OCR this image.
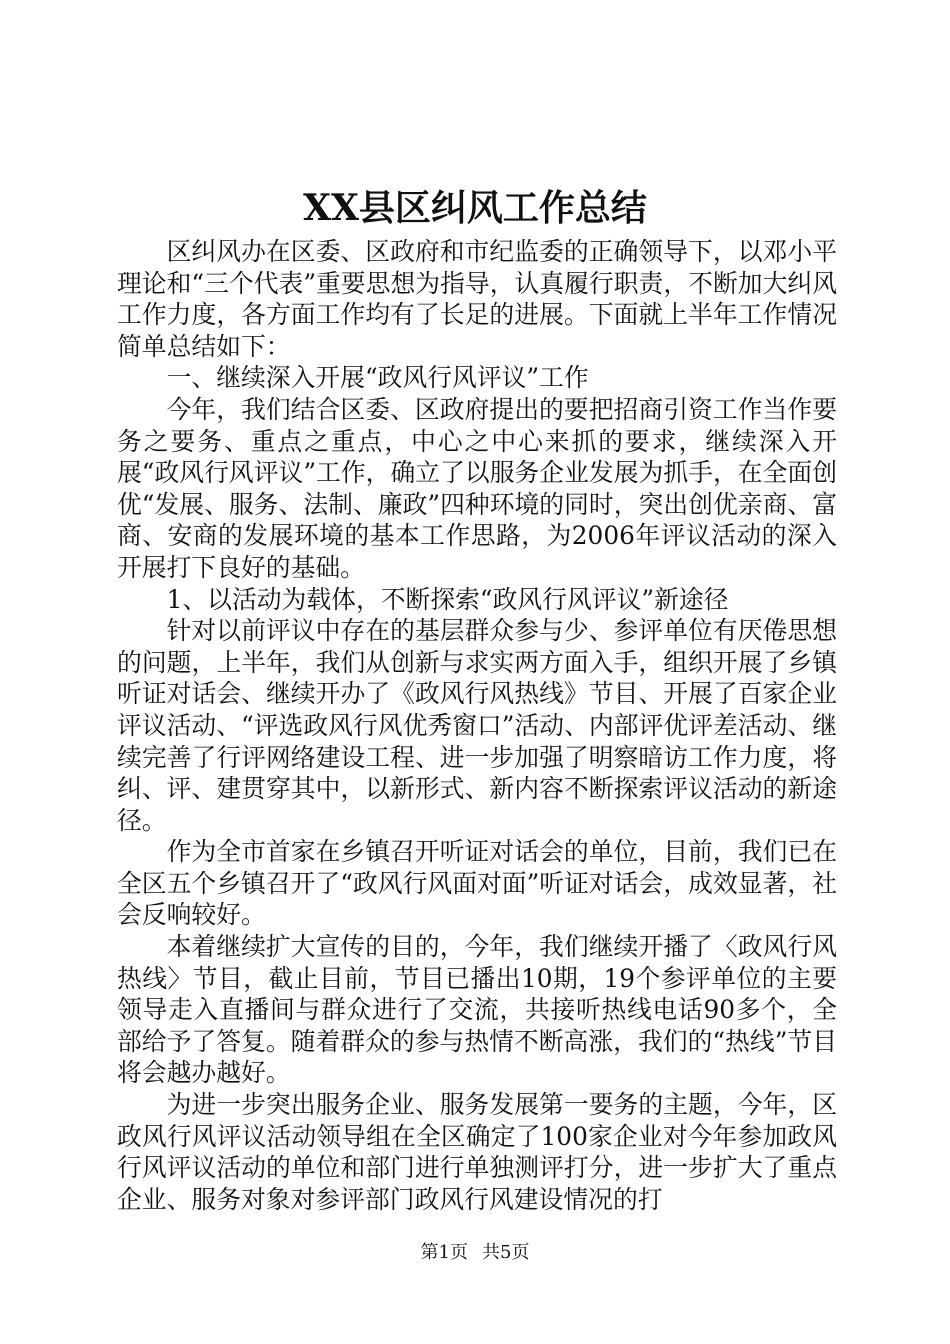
XX县区纠风工作总结

区纠风办在区委、区政府和市纪监委的正确领导下，以邓小平理论和“三个代表”重要思想为指导，认真履行职责，不断加大纠风工作力度，各方面工作均有了长足的进展。下面就上半年工作情况简单总结如下：

一、继续深入开展“政风行风评议”工作

今年，我们结合区委、区政府提出的要把招商引资工作当作要务之要务、重点之重点，中心之中心来抓的要求，继续深入开展“政风行风评议”工作，确立了以服务企业发展为抓手，在全面创优“发展、服务、法制、廉政”四种环境的同时，突出创优亲商、富商、安商的发展环境的基本工作思路，为2006年评议活动的深入开展打下良好的基础。

1、以活动为载体，不断探索“政风行风评议”新途径

针对以前评议中存在的基层群众参与少、参评单位有厌倦思想的问题，上半年，我们从创新与求实两方面入手，组织开展了乡镇听证对话会、继续开办了《政风行风热线》节目、开展了百家企业评议活动、“评选政风行风优秀窗口”活动、内部评优评差活动、继续完善了行评网络建设工程、进一步加强了明察暗访工作力度，将纠、评、建贯穿其中，以新形式、新内容不断探索评议活动的新途径。

作为全市首家在乡镇召开听证对话会的单位，目前，我们已在全区五个乡镇召开了“政风行风面对面”听证对话会，成效显著，社会反响较好。

本着继续扩大宣传的目的，今年，我们继续开播了〈政风行风热线〉节目，截止目前，节目已播出10期，19个参评单位的主要领导走入直播间与群众进行了交流，共接听热线电话90多个，全部给予了答复。随着群众的参与热情不断高涨，我们的“热线”节目将会越办越好。

为进一步突出服务企业、服务发展第一要务的主题，今年，区政风行风评议活动领导组在全区确定了100家企业对今年参加政风行风评议活动的单位和部门进行单独测评打分，进一步扩大了重点企业、服务对象对参评部门政风行风建设情况的打

第1页 共5页
